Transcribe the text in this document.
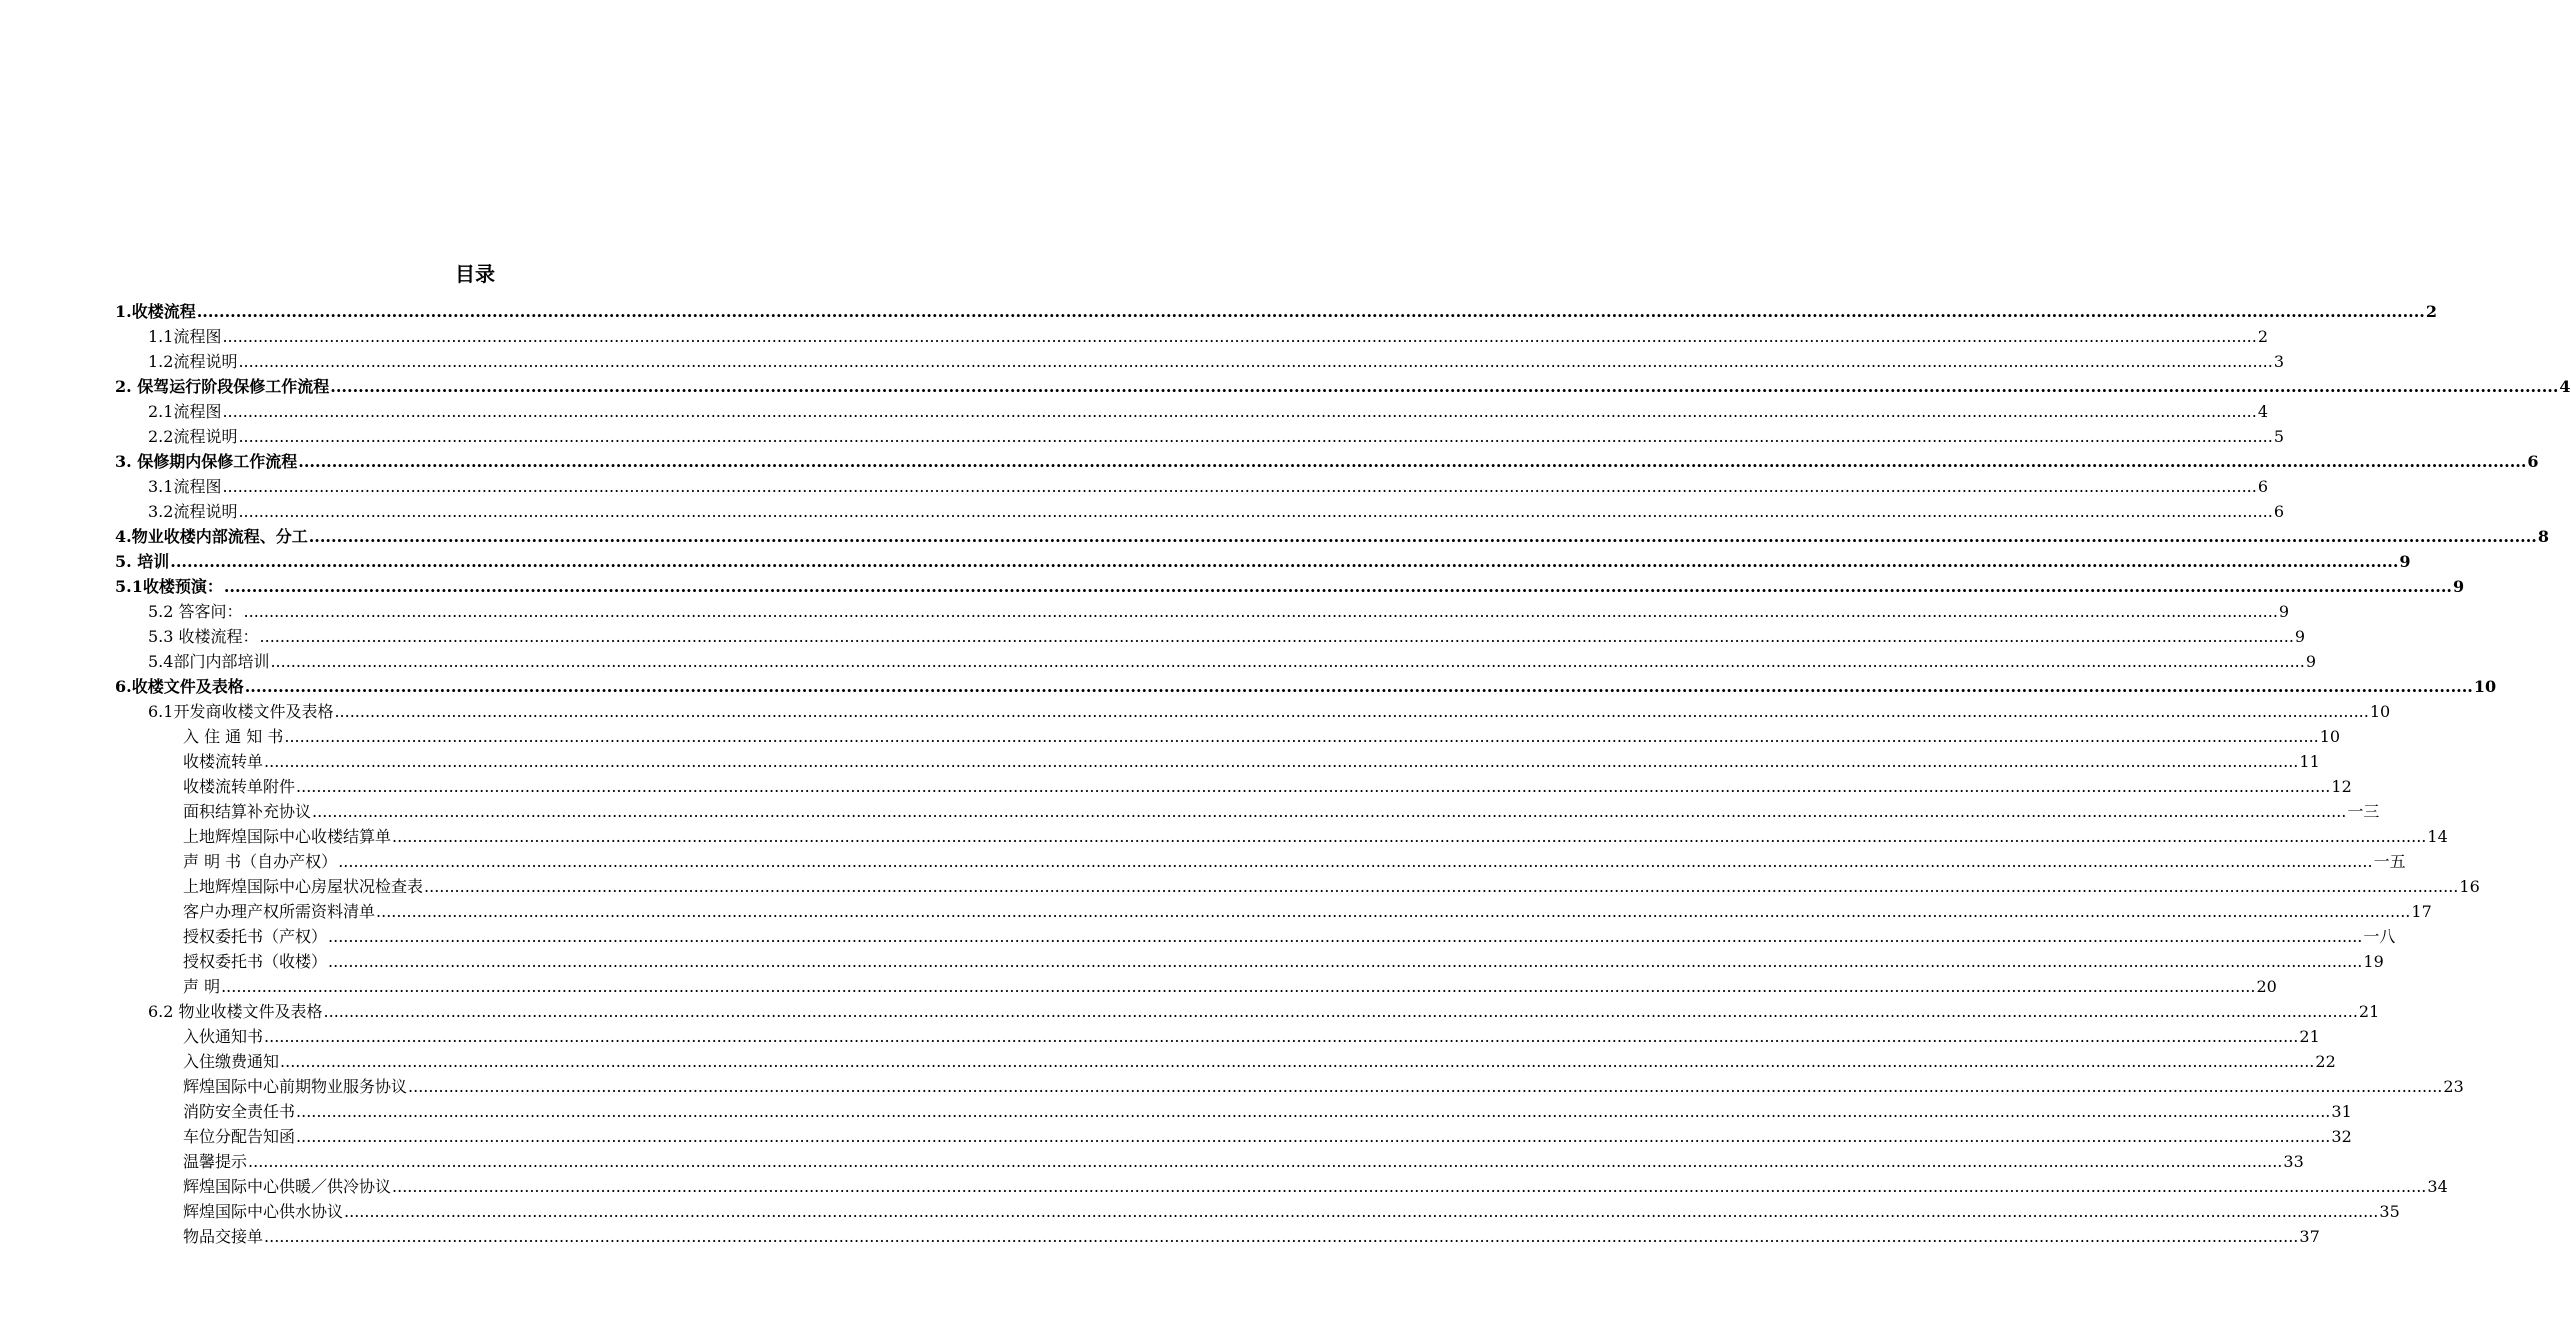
目录
1.收楼流程 ................................................................................................................................................................................................................................................................................................................................................................................................................ 2
1.1流程图 ................................................................................................................................................................................................................................................................................................................................................................................................................ 2
1.2流程说明 ................................................................................................................................................................................................................................................................................................................................................................................................................ 3
2. 保驾运行阶段保修工作流程 ................................................................................................................................................................................................................................................................................................................................................................................................................ 4
2.1流程图 ................................................................................................................................................................................................................................................................................................................................................................................................................ 4
2.2流程说明 ................................................................................................................................................................................................................................................................................................................................................................................................................ 5
3. 保修期内保修工作流程 ................................................................................................................................................................................................................................................................................................................................................................................................................ 6
3.1流程图 ................................................................................................................................................................................................................................................................................................................................................................................................................ 6
3.2流程说明 ................................................................................................................................................................................................................................................................................................................................................................................................................ 6
4.物业收楼内部流程、分工 ................................................................................................................................................................................................................................................................................................................................................................................................................ 8
5. 培训 ................................................................................................................................................................................................................................................................................................................................................................................................................ 9
5.1收楼预演： ................................................................................................................................................................................................................................................................................................................................................................................................................ 9
5.2 答客问： ................................................................................................................................................................................................................................................................................................................................................................................................................ 9
5.3 收楼流程： ................................................................................................................................................................................................................................................................................................................................................................................................................ 9
5.4部门内部培训 ................................................................................................................................................................................................................................................................................................................................................................................................................ 9
6.收楼文件及表格 ................................................................................................................................................................................................................................................................................................................................................................................................................ 10
6.1开发商收楼文件及表格 ................................................................................................................................................................................................................................................................................................................................................................................................................ 10
入 住 通 知 书 ................................................................................................................................................................................................................................................................................................................................................................................................................ 10
收楼流转单 ................................................................................................................................................................................................................................................................................................................................................................................................................ 11
收楼流转单附件 ................................................................................................................................................................................................................................................................................................................................................................................................................ 12
面积结算补充协议 ................................................................................................................................................................................................................................................................................................................................................................................................................ 一三
上地辉煌国际中心收楼结算单 ................................................................................................................................................................................................................................................................................................................................................................................................................ 14
声 明 书（自办产权） ................................................................................................................................................................................................................................................................................................................................................................................................................ 一五
上地辉煌国际中心房屋状况检查表 ................................................................................................................................................................................................................................................................................................................................................................................................................ 16
客户办理产权所需资料清单 ................................................................................................................................................................................................................................................................................................................................................................................................................ 17
授权委托书（产权） ................................................................................................................................................................................................................................................................................................................................................................................................................ 一八
授权委托书（收楼） ................................................................................................................................................................................................................................................................................................................................................................................................................ 19
声 明 ................................................................................................................................................................................................................................................................................................................................................................................................................ 20
6.2 物业收楼文件及表格 ................................................................................................................................................................................................................................................................................................................................................................................................................ 21
入伙通知书 ................................................................................................................................................................................................................................................................................................................................................................................................................ 21
入住缴费通知 ................................................................................................................................................................................................................................................................................................................................................................................................................ 22
辉煌国际中心前期物业服务协议 ................................................................................................................................................................................................................................................................................................................................................................................................................ 23
消防安全责任书 ................................................................................................................................................................................................................................................................................................................................................................................................................ 31
车位分配告知函 ................................................................................................................................................................................................................................................................................................................................................................................................................ 32
温馨提示 ................................................................................................................................................................................................................................................................................................................................................................................................................ 33
辉煌国际中心供暖／供冷协议 ................................................................................................................................................................................................................................................................................................................................................................................................................ 34
辉煌国际中心供水协议 ................................................................................................................................................................................................................................................................................................................................................................................................................ 35
物品交接单 ................................................................................................................................................................................................................................................................................................................................................................................................................ 37
